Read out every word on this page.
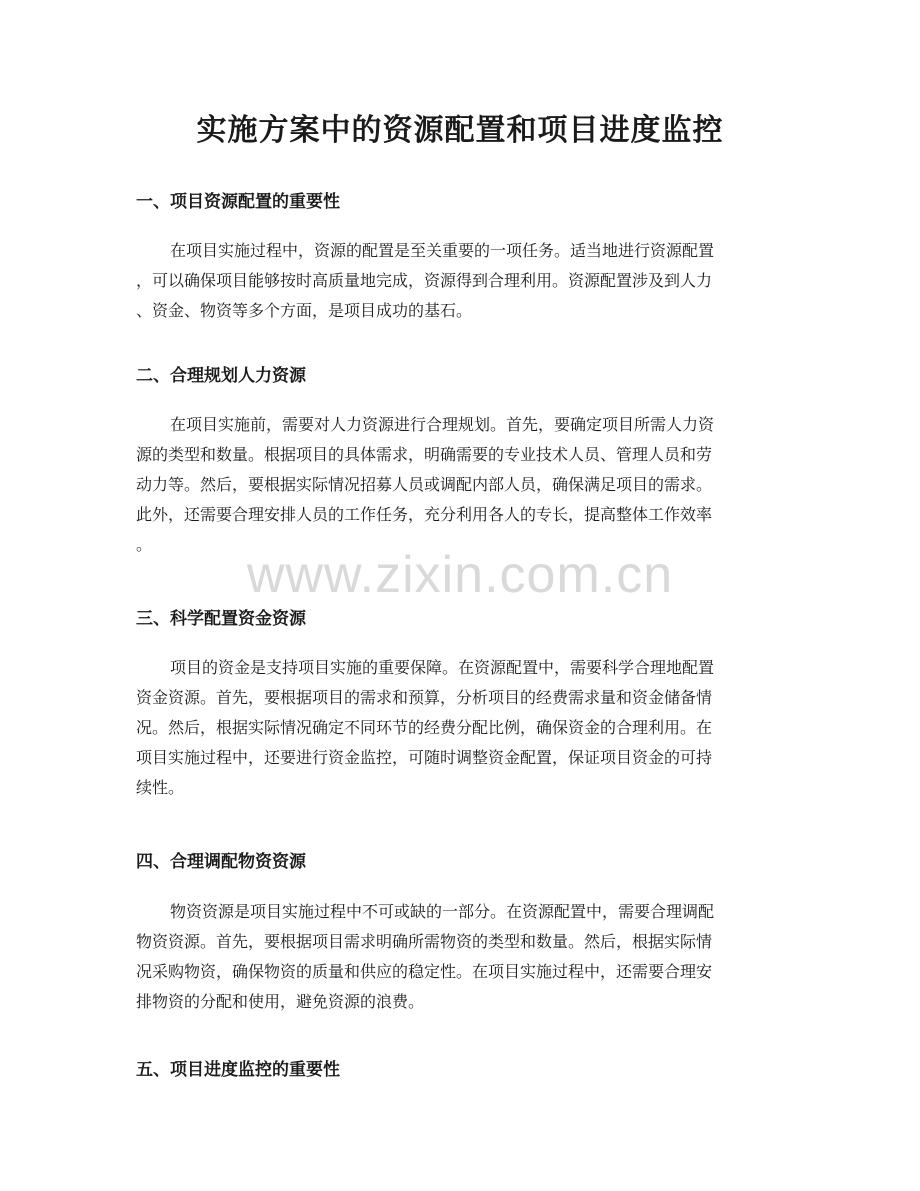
实施方案中的资源配置和项目进度监控
www.zixin.com.cn
一、项目资源配置的重要性
在项目实施过程中，资源的配置是至关重要的一项任务。适当地进行资源配置
，可以确保项目能够按时高质量地完成，资源得到合理利用。资源配置涉及到人力
、资金、物资等多个方面，是项目成功的基石。
二、合理规划人力资源
在项目实施前，需要对人力资源进行合理规划。首先，要确定项目所需人力资
源的类型和数量。根据项目的具体需求，明确需要的专业技术人员、管理人员和劳
动力等。然后，要根据实际情况招募人员或调配内部人员，确保满足项目的需求。
此外，还需要合理安排人员的工作任务，充分利用各人的专长，提高整体工作效率
。
三、科学配置资金资源
项目的资金是支持项目实施的重要保障。在资源配置中，需要科学合理地配置
资金资源。首先，要根据项目的需求和预算，分析项目的经费需求量和资金储备情
况。然后，根据实际情况确定不同环节的经费分配比例，确保资金的合理利用。在
项目实施过程中，还要进行资金监控，可随时调整资金配置，保证项目资金的可持
续性。
四、合理调配物资资源
物资资源是项目实施过程中不可或缺的一部分。在资源配置中，需要合理调配
物资资源。首先，要根据项目需求明确所需物资的类型和数量。然后，根据实际情
况采购物资，确保物资的质量和供应的稳定性。在项目实施过程中，还需要合理安
排物资的分配和使用，避免资源的浪费。
五、项目进度监控的重要性
